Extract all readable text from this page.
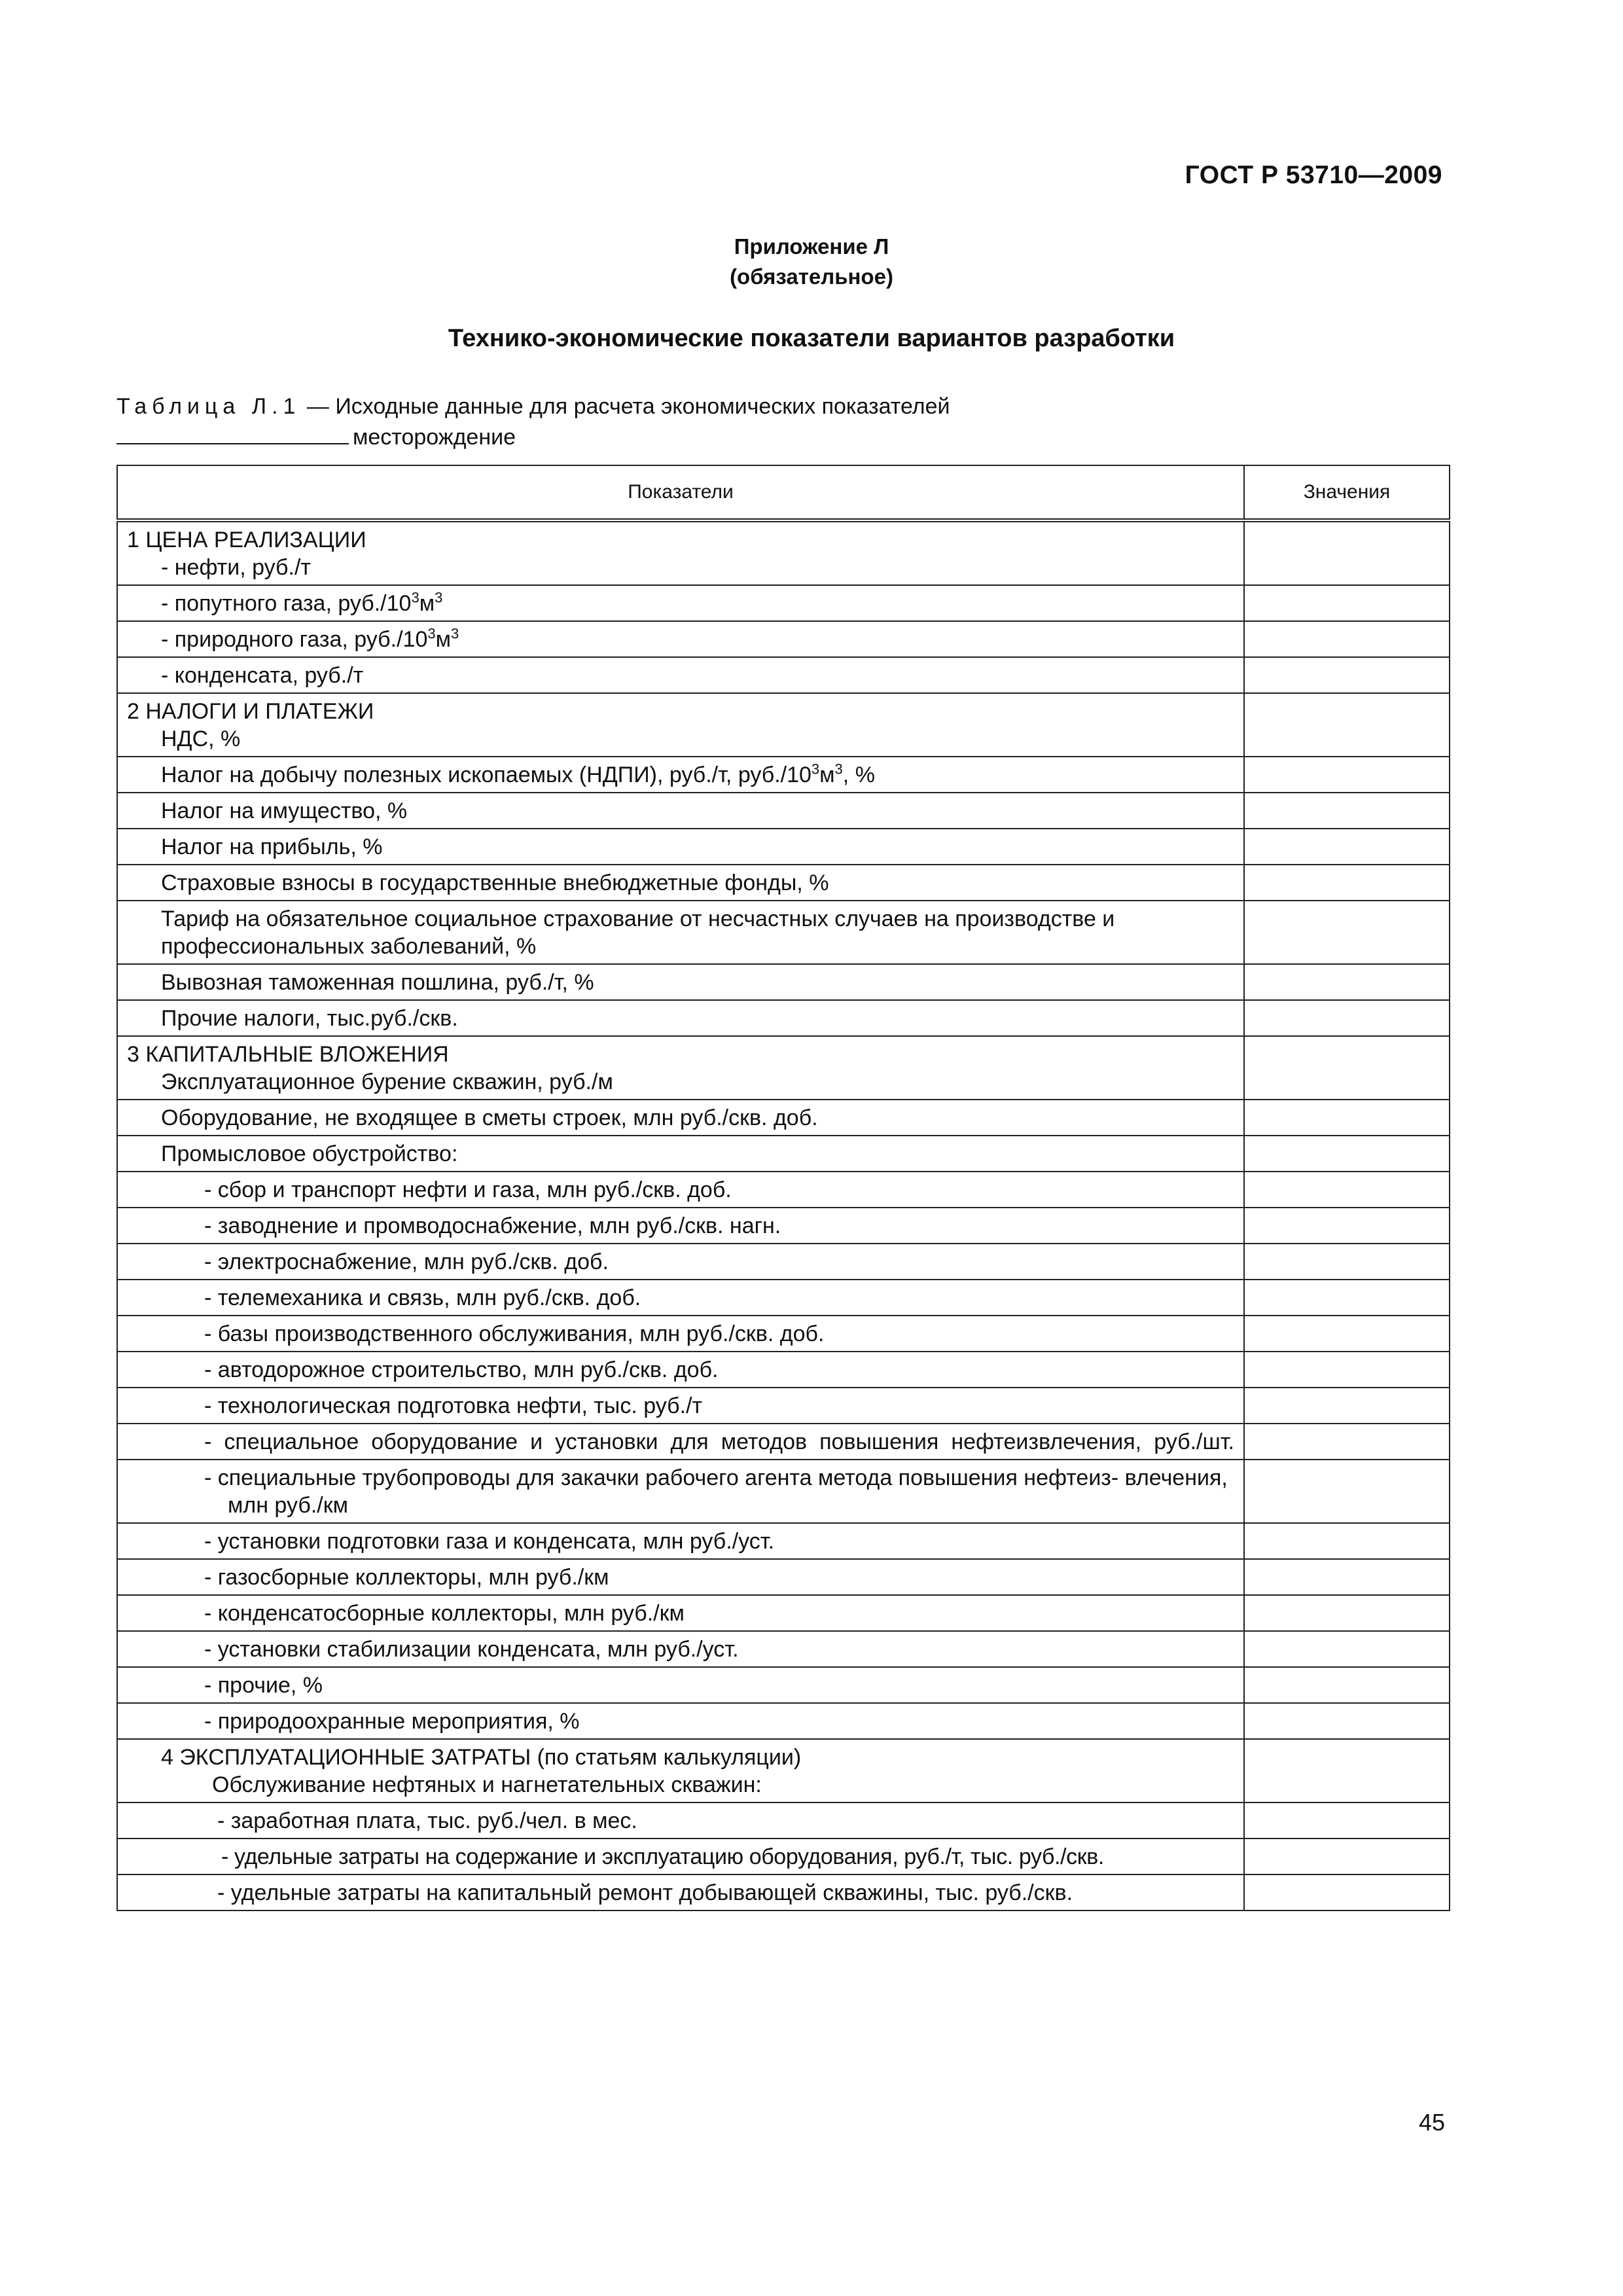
ГОСТ Р 53710—2009
Приложение Л
(обязательное)
Технико-экономические показатели вариантов разработки
Таблица Л.1 — Исходные данные для расчета экономических показателей
месторождение
Показатели	Значения

1 ЦЕНА РЕАЛИЗАЦИИ
- нефти, руб./т	

- попутного газа, $руб./10^3м^3$

- природного газа, $руб./10^3м^3$

- конденсата, руб./т	

2 НАЛОГИ И ПЛАТЕЖИ
НДС, %	

Налог на добычу полезных ископаемых (НДПИ), руб./т, $руб./10^3м^3$, %	

Налог на имущество, %	

Налог на прибыль, %	

Страховые взносы в государственные внебюджетные фонды, %	

Тариф на обязательное социальное страхование от несчастных случаев на производстве и профессиональных заболеваний, %	

Вывозная таможенная пошлина, руб./т, %	

Прочие налоги, тыс.руб./скв.	

3 КАПИТАЛЬНЫЕ ВЛОЖЕНИЯ
Эксплуатационное бурение скважин, руб./м	

Оборудование, не входящее в сметы строек, млн руб./скв. доб.	

Промысловое обустройство:	

- сбор и транспорт нефти и газа, млн руб./скв. доб.	

- заводнение и промводоснабжение, млн руб./скв. нагн.	

- электроснабжение, млн руб./скв. доб.	

- телемеханика и связь, млн руб./скв. доб.	

- базы производственного обслуживания, млн руб./скв. доб.	

- автодорожное строительство, млн руб./скв. доб.	

- технологическая подготовка нефти, тыс. руб./т	

- специальное оборудование и установки для методов повышения нефтеизвлечения, руб./шт.	

- специальные трубопроводы для закачки рабочего агента метода повышения нефтеиз- влечения, млн руб./км	

- установки подготовки газа и конденсата, млн руб./уст.	

- газосборные коллекторы, млн руб./км	

- конденсатосборные коллекторы, млн руб./км	

- установки стабилизации конденсата, млн руб./уст.	

- прочие, %	

- природоохранные мероприятия, %	

4 ЭКСПЛУАТАЦИОННЫЕ ЗАТРАТЫ (по статьям калькуляции)
Обслуживание нефтяных и нагнетательных скважин:	

- заработная плата, тыс. руб./чел. в мес.	

- удельные затраты на содержание и эксплуатацию оборудования, руб./т, тыс. руб./скв.	

- удельные затраты на капитальный ремонт добывающей скважины, тыс. руб./скв.	

45
